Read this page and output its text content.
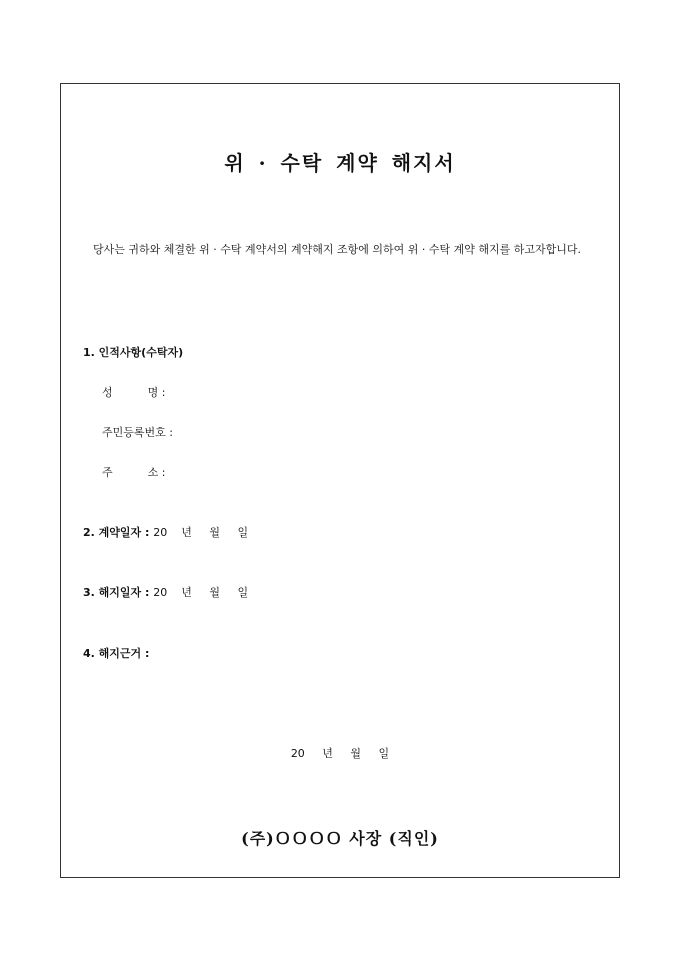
위 · 수탁 계약 해지서
당사는 귀하와 체결한 위 · 수탁 계약서의 계약해지 조항에 의하여 위 · 수탁 계약 해지를 하고자합니다.
1. 인적사항(수탁자)
성          명 :
주민등록번호 :
주          소 :
2. 계약일자 : 20    년     월     일
3. 해지일자 : 20    년     월     일
4. 해지근거 :
20 년 월 일
(주)ＯＯＯＯ 사장 (직인)
